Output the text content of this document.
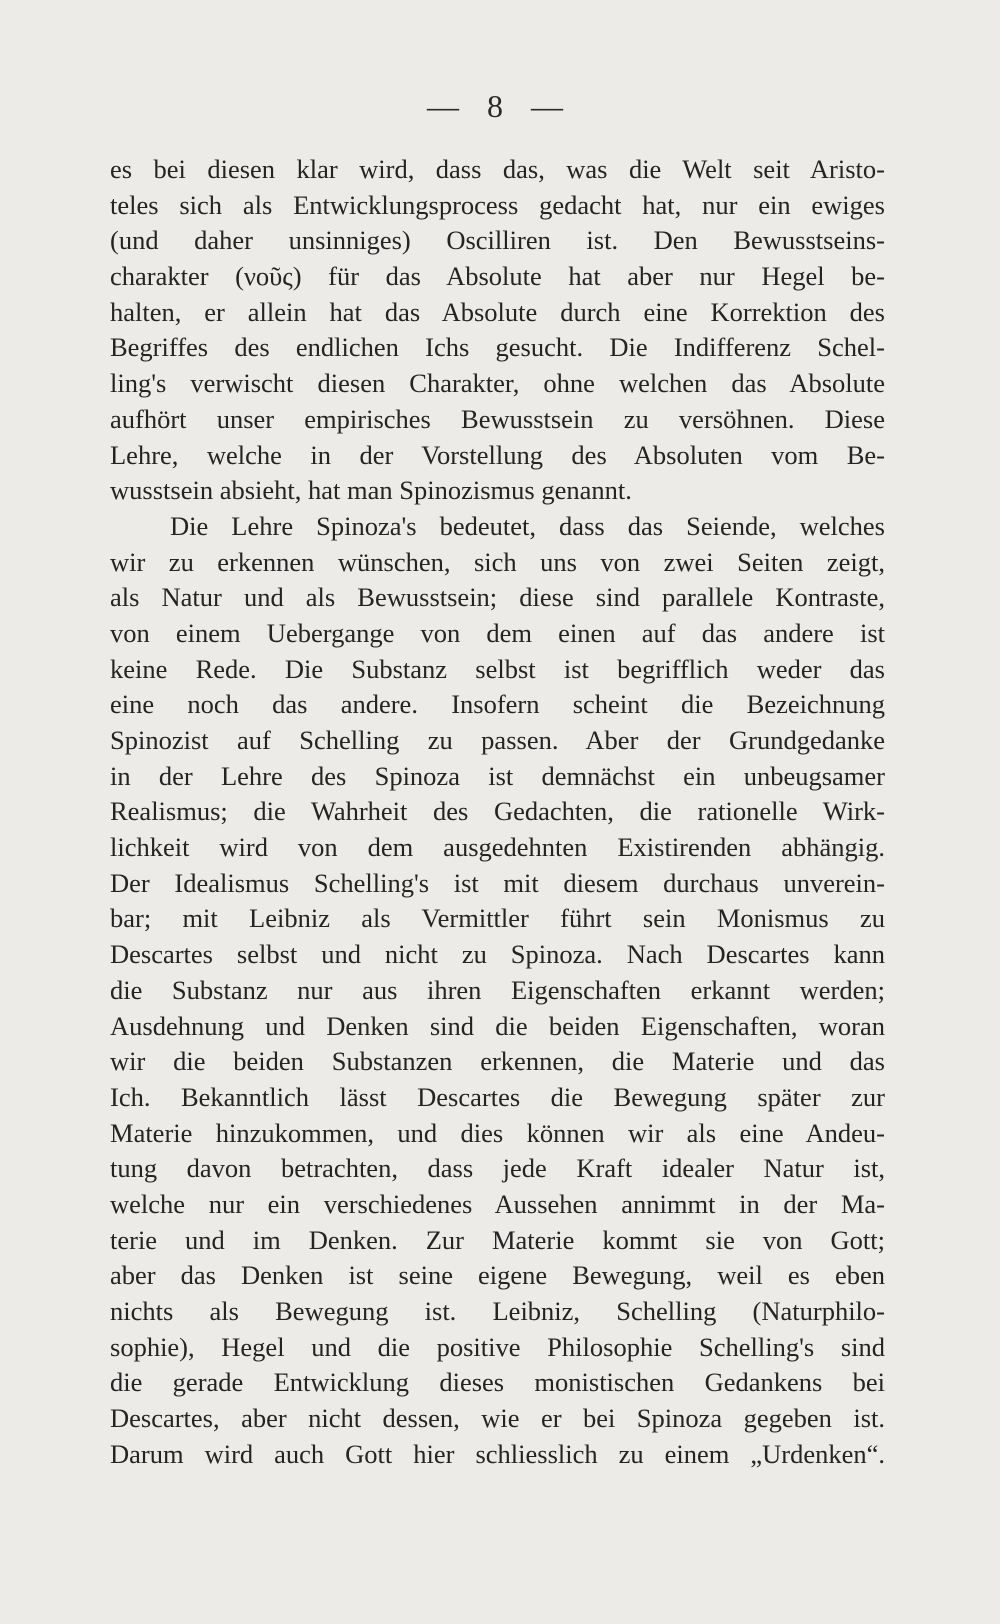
— 8 —
es bei diesen klar wird, dass das, was die Welt seit Aristo-
teles sich als Entwicklungsprocess gedacht hat, nur ein ewiges
(und daher unsinniges) Oscilliren ist. Den Bewusstseins-
charakter (νοῦς) für das Absolute hat aber nur Hegel be-
halten, er allein hat das Absolute durch eine Korrektion des
Begriffes des endlichen Ichs gesucht. Die Indifferenz Schel-
ling's verwischt diesen Charakter, ohne welchen das Absolute
aufhört unser empirisches Bewusstsein zu versöhnen. Diese
Lehre, welche in der Vorstellung des Absoluten vom Be-
wusstsein absieht, hat man Spinozismus genannt.
Die Lehre Spinoza's bedeutet, dass das Seiende, welches
wir zu erkennen wünschen, sich uns von zwei Seiten zeigt,
als Natur und als Bewusstsein; diese sind parallele Kontraste,
von einem Uebergange von dem einen auf das andere ist
keine Rede. Die Substanz selbst ist begrifflich weder das
eine noch das andere. Insofern scheint die Bezeichnung
Spinozist auf Schelling zu passen. Aber der Grundgedanke
in der Lehre des Spinoza ist demnächst ein unbeugsamer
Realismus; die Wahrheit des Gedachten, die rationelle Wirk-
lichkeit wird von dem ausgedehnten Existirenden abhängig.
Der Idealismus Schelling's ist mit diesem durchaus unverein-
bar; mit Leibniz als Vermittler führt sein Monismus zu
Descartes selbst und nicht zu Spinoza. Nach Descartes kann
die Substanz nur aus ihren Eigenschaften erkannt werden;
Ausdehnung und Denken sind die beiden Eigenschaften, woran
wir die beiden Substanzen erkennen, die Materie und das
Ich. Bekanntlich lässt Descartes die Bewegung später zur
Materie hinzukommen, und dies können wir als eine Andeu-
tung davon betrachten, dass jede Kraft idealer Natur ist,
welche nur ein verschiedenes Aussehen annimmt in der Ma-
terie und im Denken. Zur Materie kommt sie von Gott;
aber das Denken ist seine eigene Bewegung, weil es eben
nichts als Bewegung ist. Leibniz, Schelling (Naturphilo-
sophie), Hegel und die positive Philosophie Schelling's sind
die gerade Entwicklung dieses monistischen Gedankens bei
Descartes, aber nicht dessen, wie er bei Spinoza gegeben ist.
Darum wird auch Gott hier schliesslich zu einem „Urdenken“.
